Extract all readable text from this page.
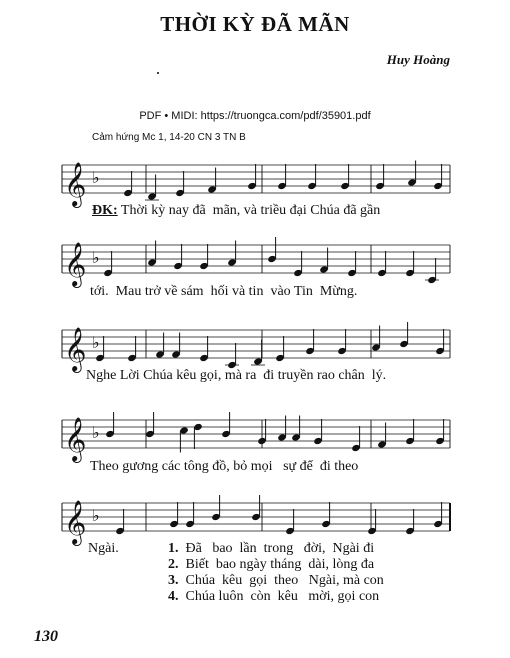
THỜI KỲ ĐÃ MÃN
Huy Hoàng
PDF • MIDI: https://truongca.com/pdf/35901.pdf
Cảm hứng Mc 1, 14-20 CN 3 TN B
𝄞 ♭
𝄞 ♭
𝄞 ♭
𝄞 ♭
𝄞 ♭
ĐK: Thời kỳ nay đã  mãn, và triều đại Chúa đã gần
tới.  Mau trở về sám  hối và tin  vào Tin  Mừng.
Nghe Lời Chúa kêu gọi, mà ra  đi truyền rao chân  lý.
Theo gương các tông đồ, bỏ mọi   sự để  đi theo
Ngài.	1. Đã   bao  lần  trong   đời,  Ngài đi
2. Biết  bao ngày tháng  dài, lòng đa
3. Chúa  kêu  gọi  theo   Ngài, mà con
4. Chúa luôn  còn  kêu   mời, gọi con
130
